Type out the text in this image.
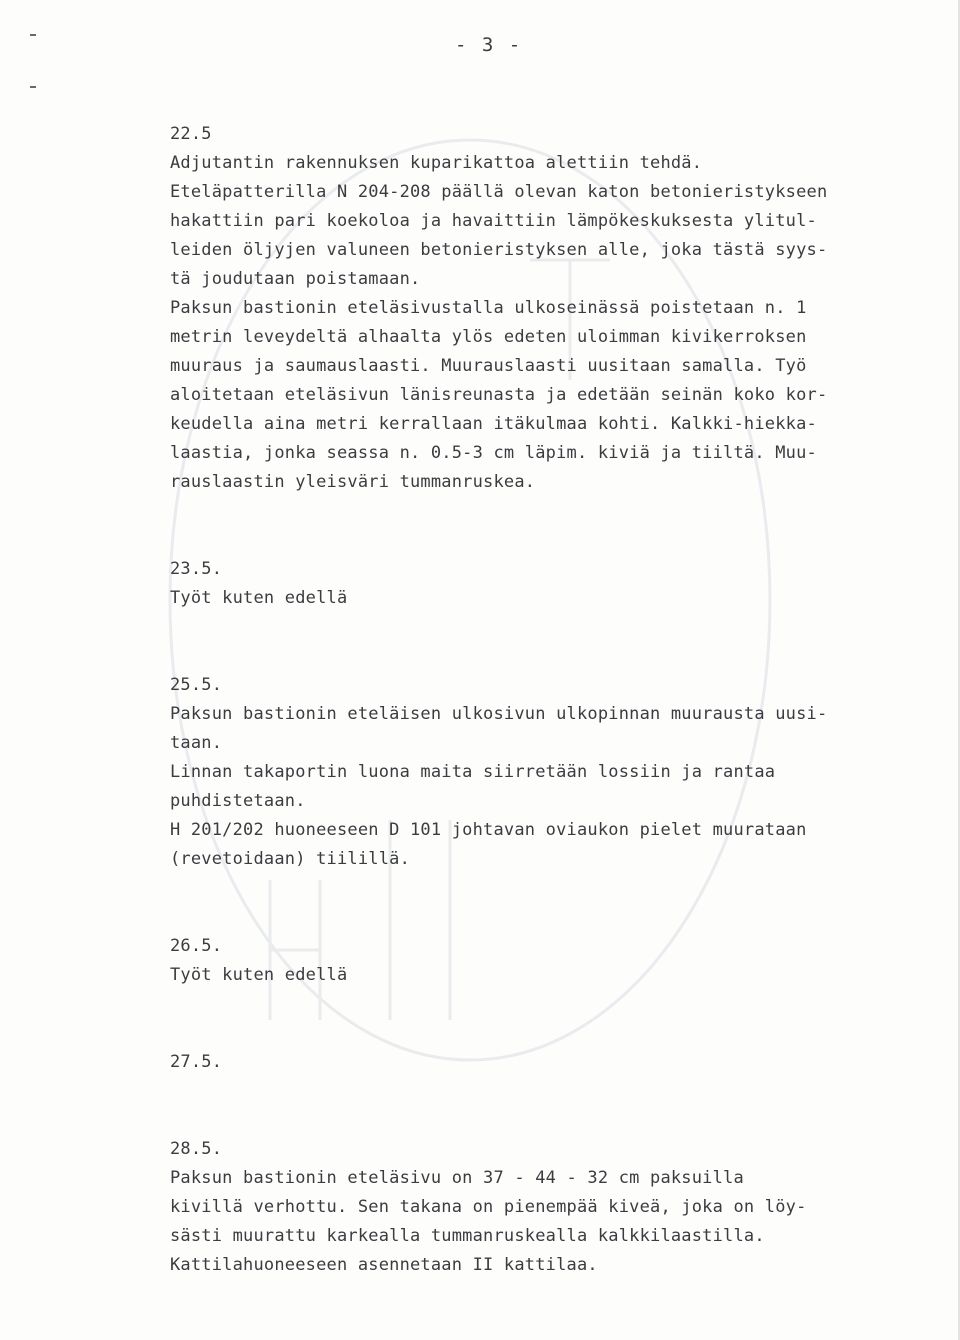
- 3 -
22.5
Adjutantin rakennuksen kuparikattoa alettiin tehdä.
Eteläpatterilla N 204-208 päällä olevan katon betonieristykseen
hakattiin pari koekoloa ja havaittiin lämpökeskuksesta ylitul-
leiden öljyjen valuneen betonieristyksen alle, joka tästä syys-
tä joudutaan poistamaan.
Paksun bastionin eteläsivustalla ulkoseinässä poistetaan n. 1
metrin leveydeltä alhaalta ylös edeten uloimman kivikerroksen
muuraus ja saumauslaasti. Muurauslaasti uusitaan samalla. Työ
aloitetaan eteläsivun länisreunasta ja edetään seinän koko kor-
keudella aina metri kerrallaan itäkulmaa kohti. Kalkki-hiekka-
laastia, jonka seassa n. 0.5-3 cm läpim. kiviä ja tiiltä. Muu-
rauslaastin yleisväri tummanruskea.
23.5.
Työt kuten edellä
25.5.
Paksun bastionin eteläisen ulkosivun ulkopinnan muurausta uusi-
taan.
Linnan takaportin luona maita siirretään lossiin ja rantaa
puhdistetaan.
H 201/202 huoneeseen D 101 johtavan oviaukon pielet muurataan
(revetoidaan) tiilillä.
26.5.
Työt kuten edellä
27.5.
28.5.
Paksun bastionin eteläsivu on 37 - 44 - 32 cm paksuilla
kivillä verhottu. Sen takana on pienempää kiveä, joka on löy-
sästi muurattu karkealla tummanruskealla kalkkilaastilla.
Kattilahuoneeseen asennetaan II kattilaa.
